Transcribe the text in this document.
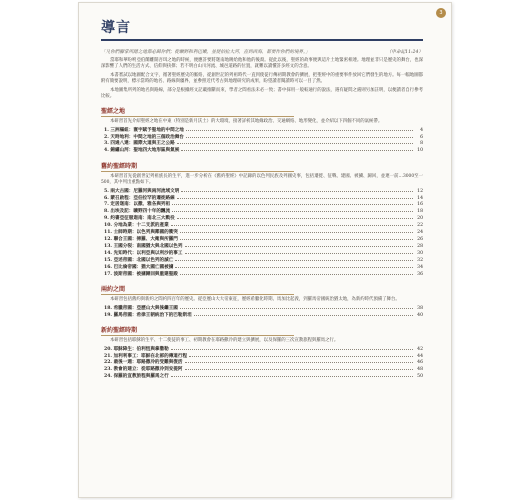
3
導言
「凡你們腳掌所踏之地都必歸你們；從曠野和利巴嫩，並從伯拉大河，直到西海，都要作你們的境界。」	（申命記11:24）

當耶和華吩咐亞伯蘭離開吾珥之地的時候，便應許要將迦南地賜給他和他的後裔。從此以後，聖經的故事便與這片土地緊密相連。地理並非只是歷史的舞台，也深深影響了人們的生活方式、信仰與抉擇；若不明白山川河流、城邑道路的位置，就難以讀懂許多經文的含意。

本書嘗試以地圖配合文字，循著聖經歷史的脈絡，從創世記的列祖時代一直到使徒行傳初期教會的擴展，把聖經中的重要事件放回它們發生的地方。每一幅地圖都附有簡要說明，標示當時的地名、路線與疆界，並參照近代考古與地理研究的成果，盼望讀者閱讀時可以一目了然。

本地圖集所列的地名與路線，部分是根據經文記載推斷而來，學者之間看法未必一致；書中採用一般較通行的說法，遇有疑問之處則另加註明，以便讀者自行參考比較。

聖經之地

本研習首先介紹聖經之地在中東（特別是新月沃土）的大環境，接著詳析其地緣政治、交通網絡、地形變化，並介紹以下四個不同的氣候帶。

1. 三洲樞紐：寰宇賦予聖地的中間之地	4
2. 天時地利：中間之地的三個政治舞台	6
3. 四通八達：國際大道與王之公路	8
4. 錦繡山河：聖地四大地形區與氣候	10
舊約聖經時期

本研習首先從創世記列祖族長的生平，進一步分析在《舊約聖經》中記錄的以色列民族及列國史事，包括遷徙、征戰、建國、被擄、歸回，並連一前…3000至一500，其中列出重點如下。

5. 兩大古國：尼羅河與兩河流域文明	12
6. 蒙召啟程：亞伯拉罕的遷徙路線	14
7. 定居迦南：以撒、雅各與列祖	16
8. 出埃及記：曠野四十年的飄流	18
9. 約書亞征服迦南：南北三大戰役	20
10. 分地為業：十二支派的產業	22
11. 士師時期：以色列與鄰國的衝突	24
12. 聯合王國：掃羅、大衛與所羅門	26
13. 王國分裂：南國猶大與北國以色列	28
14. 先知時代：以利亞與以利沙的事工	30
15. 亞述帝國：北國以色列的滅亡	32
16. 巴比倫帝國：猶大國亡國被擄	34
17. 波斯帝國：被擄歸回與重建聖殿	36
兩約之間

本研習包括舊約與新約之間約四百年的歷史。從亞歷山大大帝東征，歷經希臘化時期、馬加比起義，到羅馬帝國統治猶太地，為新約時代預備了舞台。

18. 希臘帝國：亞歷山大與後繼王國	38
19. 羅馬帝國：希律王朝統治下的巴勒斯坦	40
新約聖經時期

本研習包括耶穌的生平、十二使徒的事工、初期教會在耶路撒冷的建立與擴展，以及保羅的三次宣教旅程與羅馬之行。

20. 耶穌降生：伯利恆與拿撒勒	42
21. 加利利事工：耶穌在北部的傳道行程	44
22. 最後一週：耶路撒冷的受難與復活	46
23. 教會的建立：從耶路撒冷到安提阿	48
24. 保羅的宣教旅程與羅馬之行	50
